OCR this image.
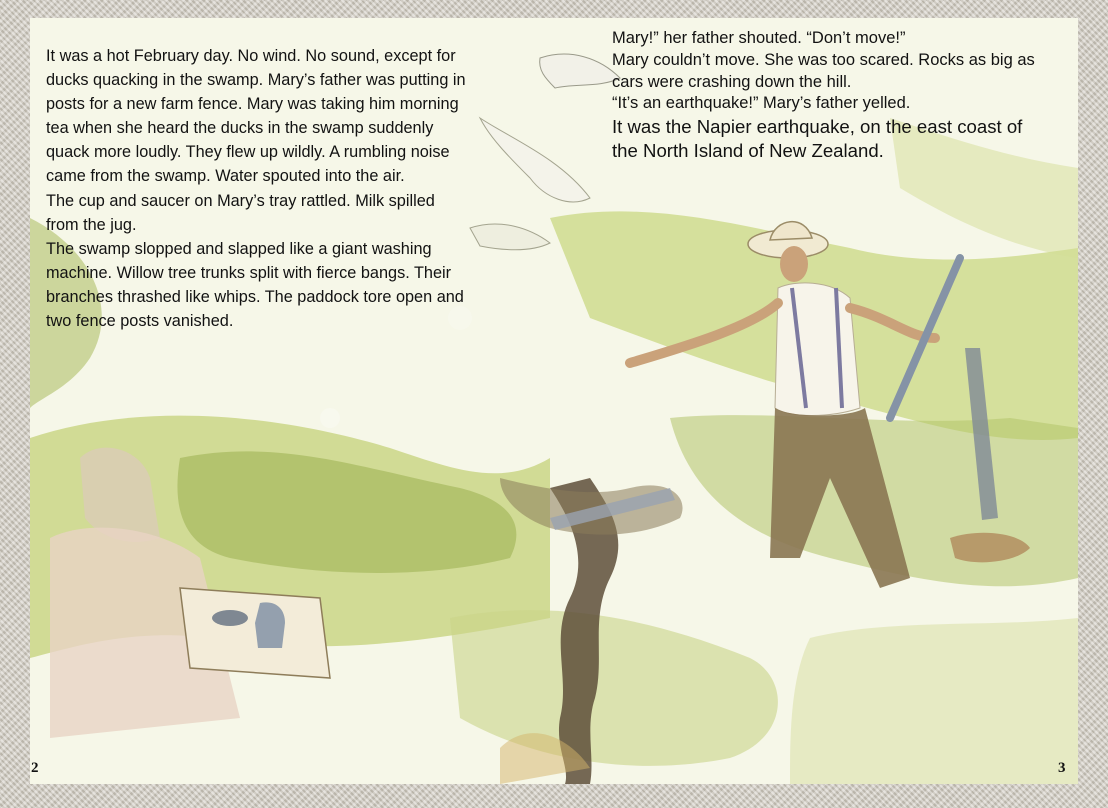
It was a hot February day. No wind. No sound, except for ducks quacking in the swamp. Mary’s father was putting in posts for a new farm fence. Mary was taking him morning tea when she heard the ducks in the swamp suddenly quack more loudly. They flew up wildly. A rumbling noise came from the swamp. Water spouted into the air.

The cup and saucer on Mary’s tray rattled. Milk spilled from the jug.

The swamp slopped and slapped like a giant washing machine. Willow tree trunks split with fierce bangs. Their branches thrashed like whips. The paddock tore open and two fence posts vanished.

Mary!” her father shouted. “Don’t move!”

Mary couldn’t move. She was too scared. Rocks as big as cars were crashing down the hill.

“It’s an earthquake!” Mary’s father yelled.

It was the Napier earthquake, on the east coast of the North Island of New Zealand.

2	3
